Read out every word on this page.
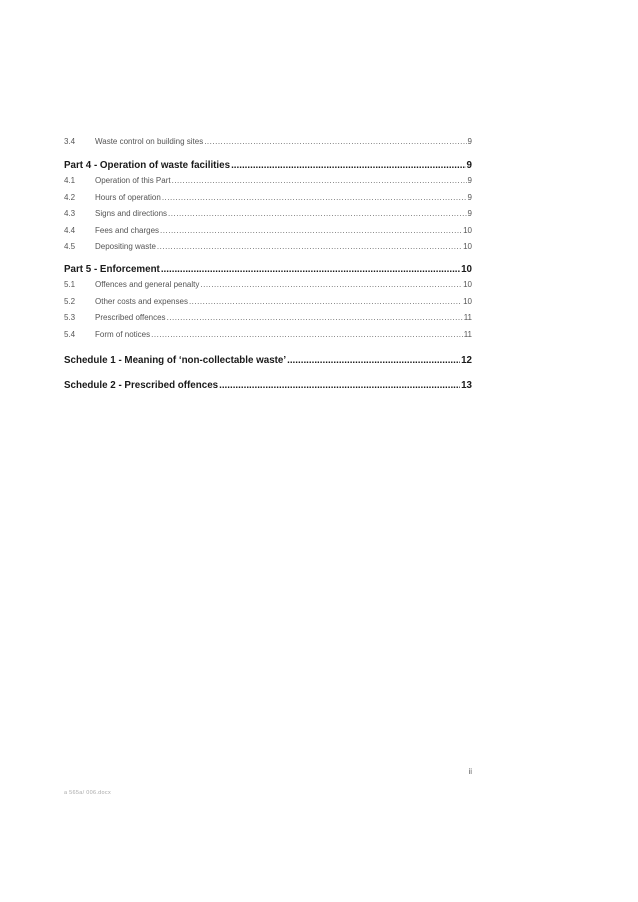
3.4	Waste control on building sites .....	9
Part 4 - Operation of waste facilities .....	9
4.1	Operation of this Part .....	9
4.2	Hours of operation .....	9
4.3	Signs and directions .....	9
4.4	Fees and charges .....	10
4.5	Depositing waste .....	10
Part 5 - Enforcement .....	10
5.1	Offences and general penalty .....	10
5.2	Other costs and expenses .....	10
5.3	Prescribed offences .....	11
5.4	Form of notices .....	11
Schedule 1 - Meaning of ‘non-collectable waste’ .....	12
Schedule 2 - Prescribed offences .....	13
ii
a 565a/ 006.docx
